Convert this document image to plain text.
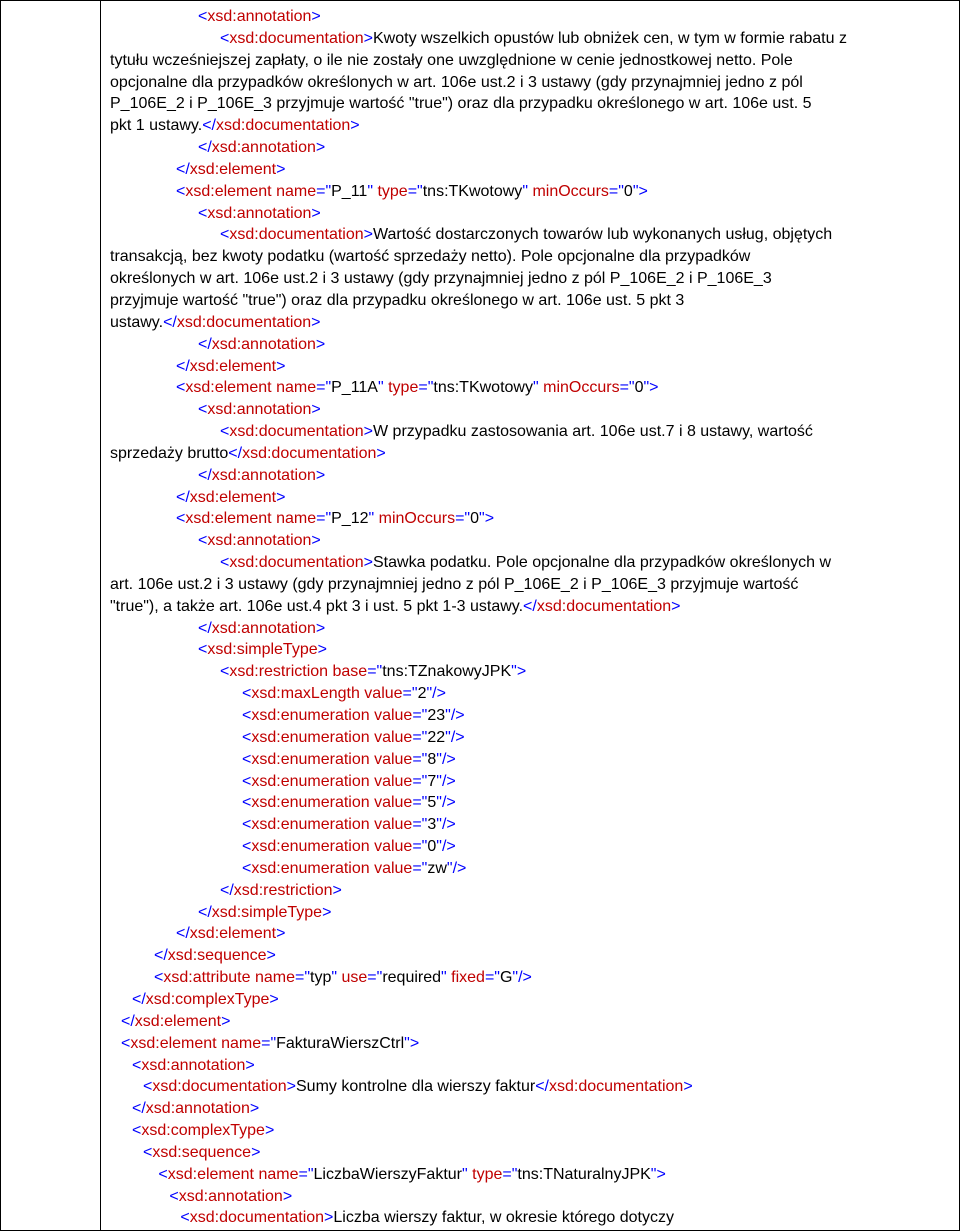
<xsd:annotation>
<xsd:documentation>Kwoty wszelkich opustów lub obniżek cen, w tym w formie rabatu z
tytułu wcześniejszej zapłaty, o ile nie zostały one uwzględnione w cenie jednostkowej netto. Pole
opcjonalne dla przypadków określonych w art. 106e ust.2 i 3 ustawy (gdy przynajmniej jedno z pól
P_106E_2 i P_106E_3 przyjmuje wartość "true") oraz dla przypadku określonego w art. 106e ust. 5
pkt 1 ustawy.</xsd:documentation>
</xsd:annotation>
</xsd:element>
<xsd:element name="P_11" type="tns:TKwotowy" minOccurs="0">
<xsd:annotation>
<xsd:documentation>Wartość dostarczonych towarów lub wykonanych usług, objętych
transakcją, bez kwoty podatku (wartość sprzedaży netto). Pole opcjonalne dla przypadków
określonych w art. 106e ust.2 i 3 ustawy (gdy przynajmniej jedno z pól P_106E_2 i P_106E_3
przyjmuje wartość "true") oraz dla przypadku określonego w art. 106e ust. 5 pkt 3
ustawy.</xsd:documentation>
</xsd:annotation>
</xsd:element>
<xsd:element name="P_11A" type="tns:TKwotowy" minOccurs="0">
<xsd:annotation>
<xsd:documentation>W przypadku zastosowania art. 106e ust.7 i 8 ustawy, wartość
sprzedaży brutto</xsd:documentation>
</xsd:annotation>
</xsd:element>
<xsd:element name="P_12" minOccurs="0">
<xsd:annotation>
<xsd:documentation>Stawka podatku. Pole opcjonalne dla przypadków określonych w
art. 106e ust.2 i 3 ustawy (gdy przynajmniej jedno z pól P_106E_2 i P_106E_3 przyjmuje wartość
"true"), a także art. 106e ust.4 pkt 3 i ust. 5 pkt 1-3 ustawy.</xsd:documentation>
</xsd:annotation>
<xsd:simpleType>
<xsd:restriction base="tns:TZnakowyJPK">
<xsd:maxLength value="2"/>
<xsd:enumeration value="23"/>
<xsd:enumeration value="22"/>
<xsd:enumeration value="8"/>
<xsd:enumeration value="7"/>
<xsd:enumeration value="5"/>
<xsd:enumeration value="3"/>
<xsd:enumeration value="0"/>
<xsd:enumeration value="zw"/>
</xsd:restriction>
</xsd:simpleType>
</xsd:element>
</xsd:sequence>
<xsd:attribute name="typ" use="required" fixed="G"/>
</xsd:complexType>
</xsd:element>
<xsd:element name="FakturaWierszCtrl">
<xsd:annotation>
<xsd:documentation>Sumy kontrolne dla wierszy faktur</xsd:documentation>
</xsd:annotation>
<xsd:complexType>
<xsd:sequence>
<xsd:element name="LiczbaWierszyFaktur" type="tns:TNaturalnyJPK">
<xsd:annotation>
<xsd:documentation>Liczba wierszy faktur, w okresie którego dotyczy
